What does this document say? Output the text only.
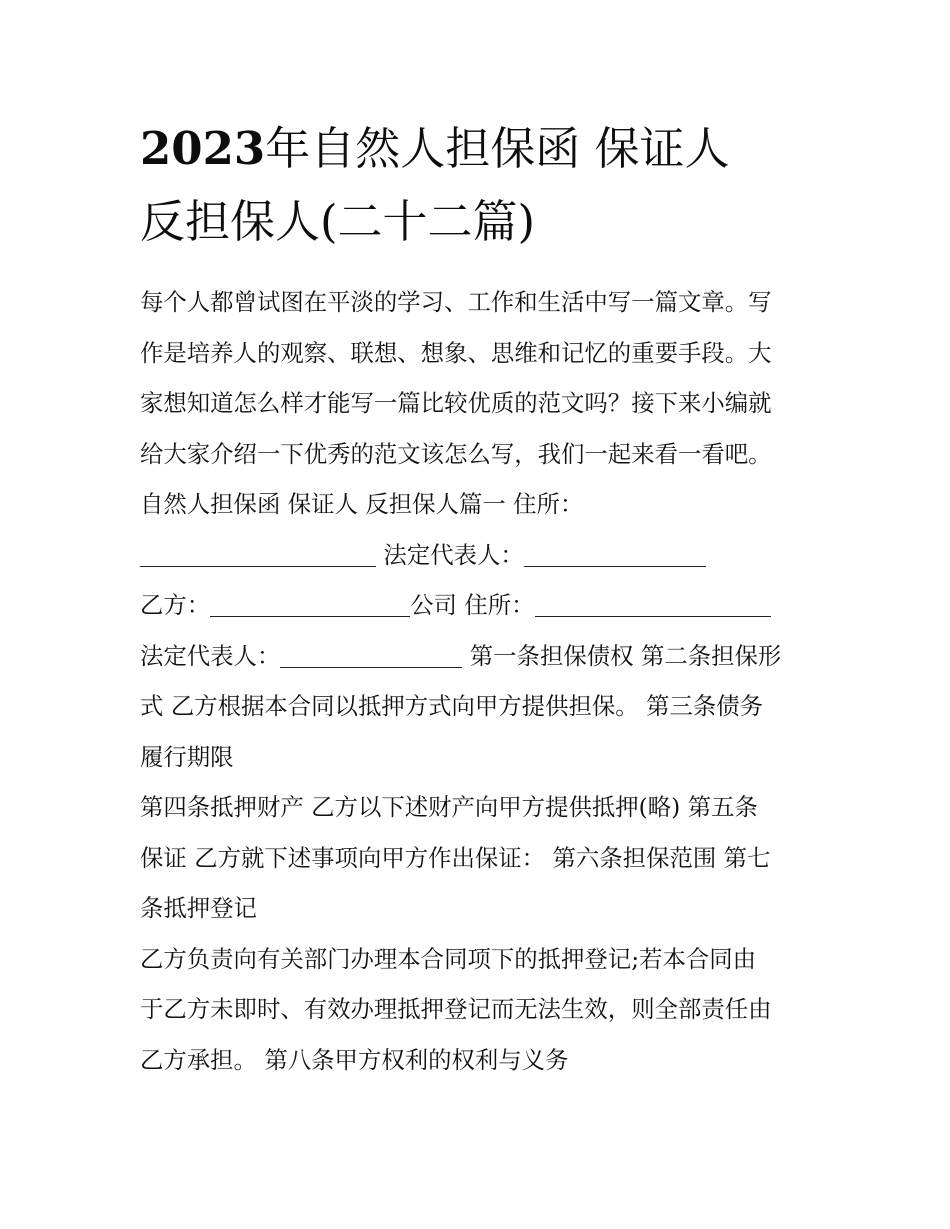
2023年自然人担保函 保证人
反担保人(二十二篇)

每个人都曾试图在平淡的学习、工作和生活中写一篇文章。写

作是培养人的观察、联想、想象、思维和记忆的重要手段。大

家想知道怎么样才能写一篇比较优质的范文吗？接下来小编就

给大家介绍一下优秀的范文该怎么写，我们一起来看一看吧。

自然人担保函 保证人 反担保人篇一 住所：

法定代表人：

乙方：	公司 住所：

法定代表人：	第一条担保债权 第二条担保形

式 乙方根据本合同以抵押方式向甲方提供担保。 第三条债务

履行期限

第四条抵押财产 乙方以下述财产向甲方提供抵押(略) 第五条

保证 乙方就下述事项向甲方作出保证： 第六条担保范围 第七

条抵押登记

乙方负责向有关部门办理本合同项下的抵押登记;若本合同由

于乙方未即时、有效办理抵押登记而无法生效，则全部责任由

乙方承担。 第八条甲方权利的权利与义务
